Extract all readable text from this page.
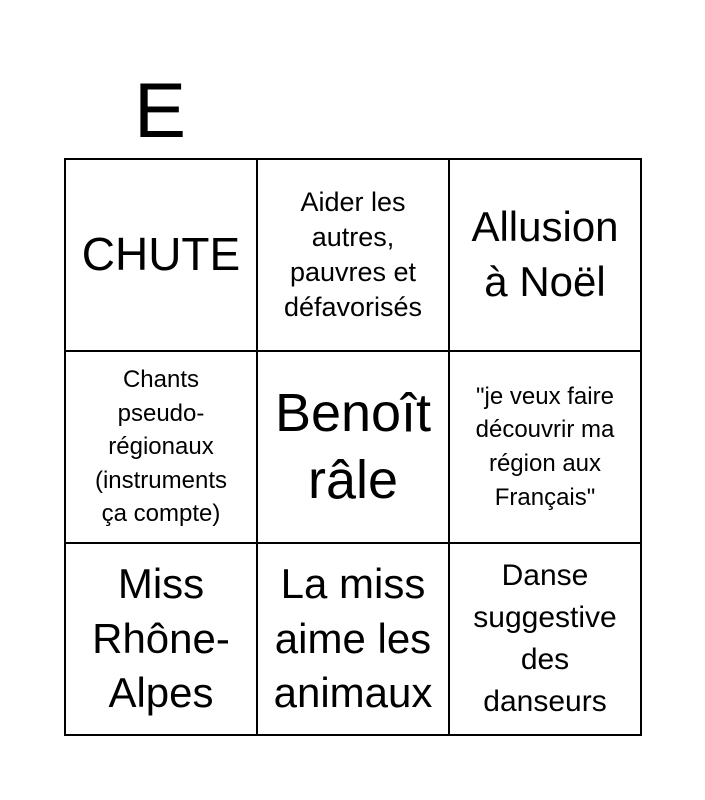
E
CHUTE
Aider les
autres,
pauvres et
défavorisés
Allusion
à Noël
Chants
pseudo-
régionaux
(instruments
ça compte)
Benoît
râle
"je veux faire
découvrir ma
région aux
Français"
Miss
Rhône-
Alpes
La miss
aime les
animaux
Danse
suggestive
des
danseurs
